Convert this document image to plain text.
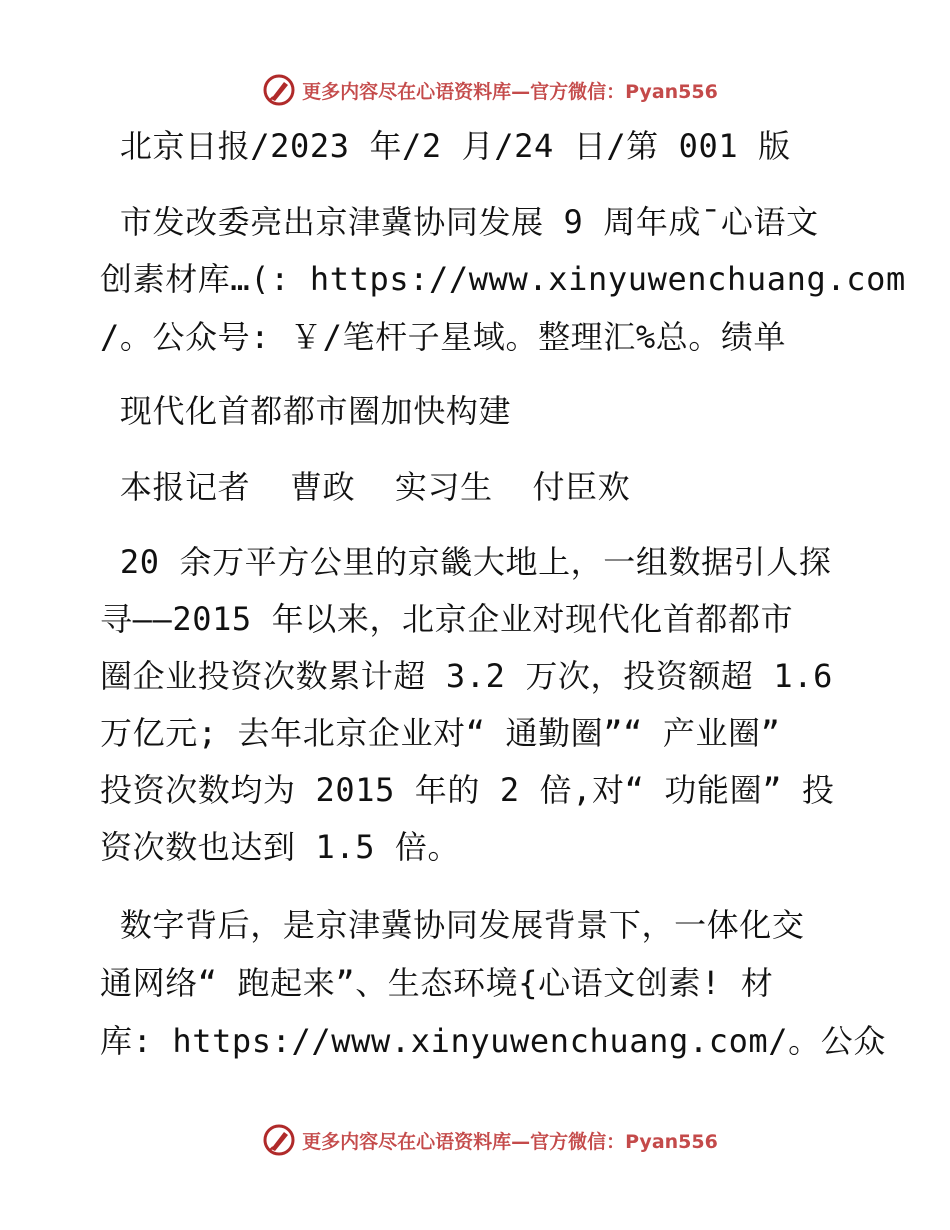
更多内容尽在心语资料库—官方微信：Pyan556
北京日报/2023 年/2 月/24 日/第 001 版
市发改委亮出京津冀协同发展 9 周年成¯心语文
创素材库…(: https://www.xinyuwenchuang.com
/。公众号: ￥/笔杆子星域。整理汇%总。绩单
现代化首都都市圈加快构建
本报记者  曹政  实习生  付臣欢
20 余万平方公里的京畿大地上，一组数据引人探
寻——2015 年以来，北京企业对现代化首都都市
圈企业投资次数累计超 3.2 万次，投资额超 1.6
万亿元; 去年北京企业对“ 通勤圈”“ 产业圈”
投资次数均为 2015 年的 2 倍,对“ 功能圈” 投
资次数也达到 1.5 倍。
数字背后，是京津冀协同发展背景下，一体化交
通网络“ 跑起来”、生态环境{心语文创素! 材
库: https://www.xinyuwenchuang.com/。公众
更多内容尽在心语资料库—官方微信：Pyan556
